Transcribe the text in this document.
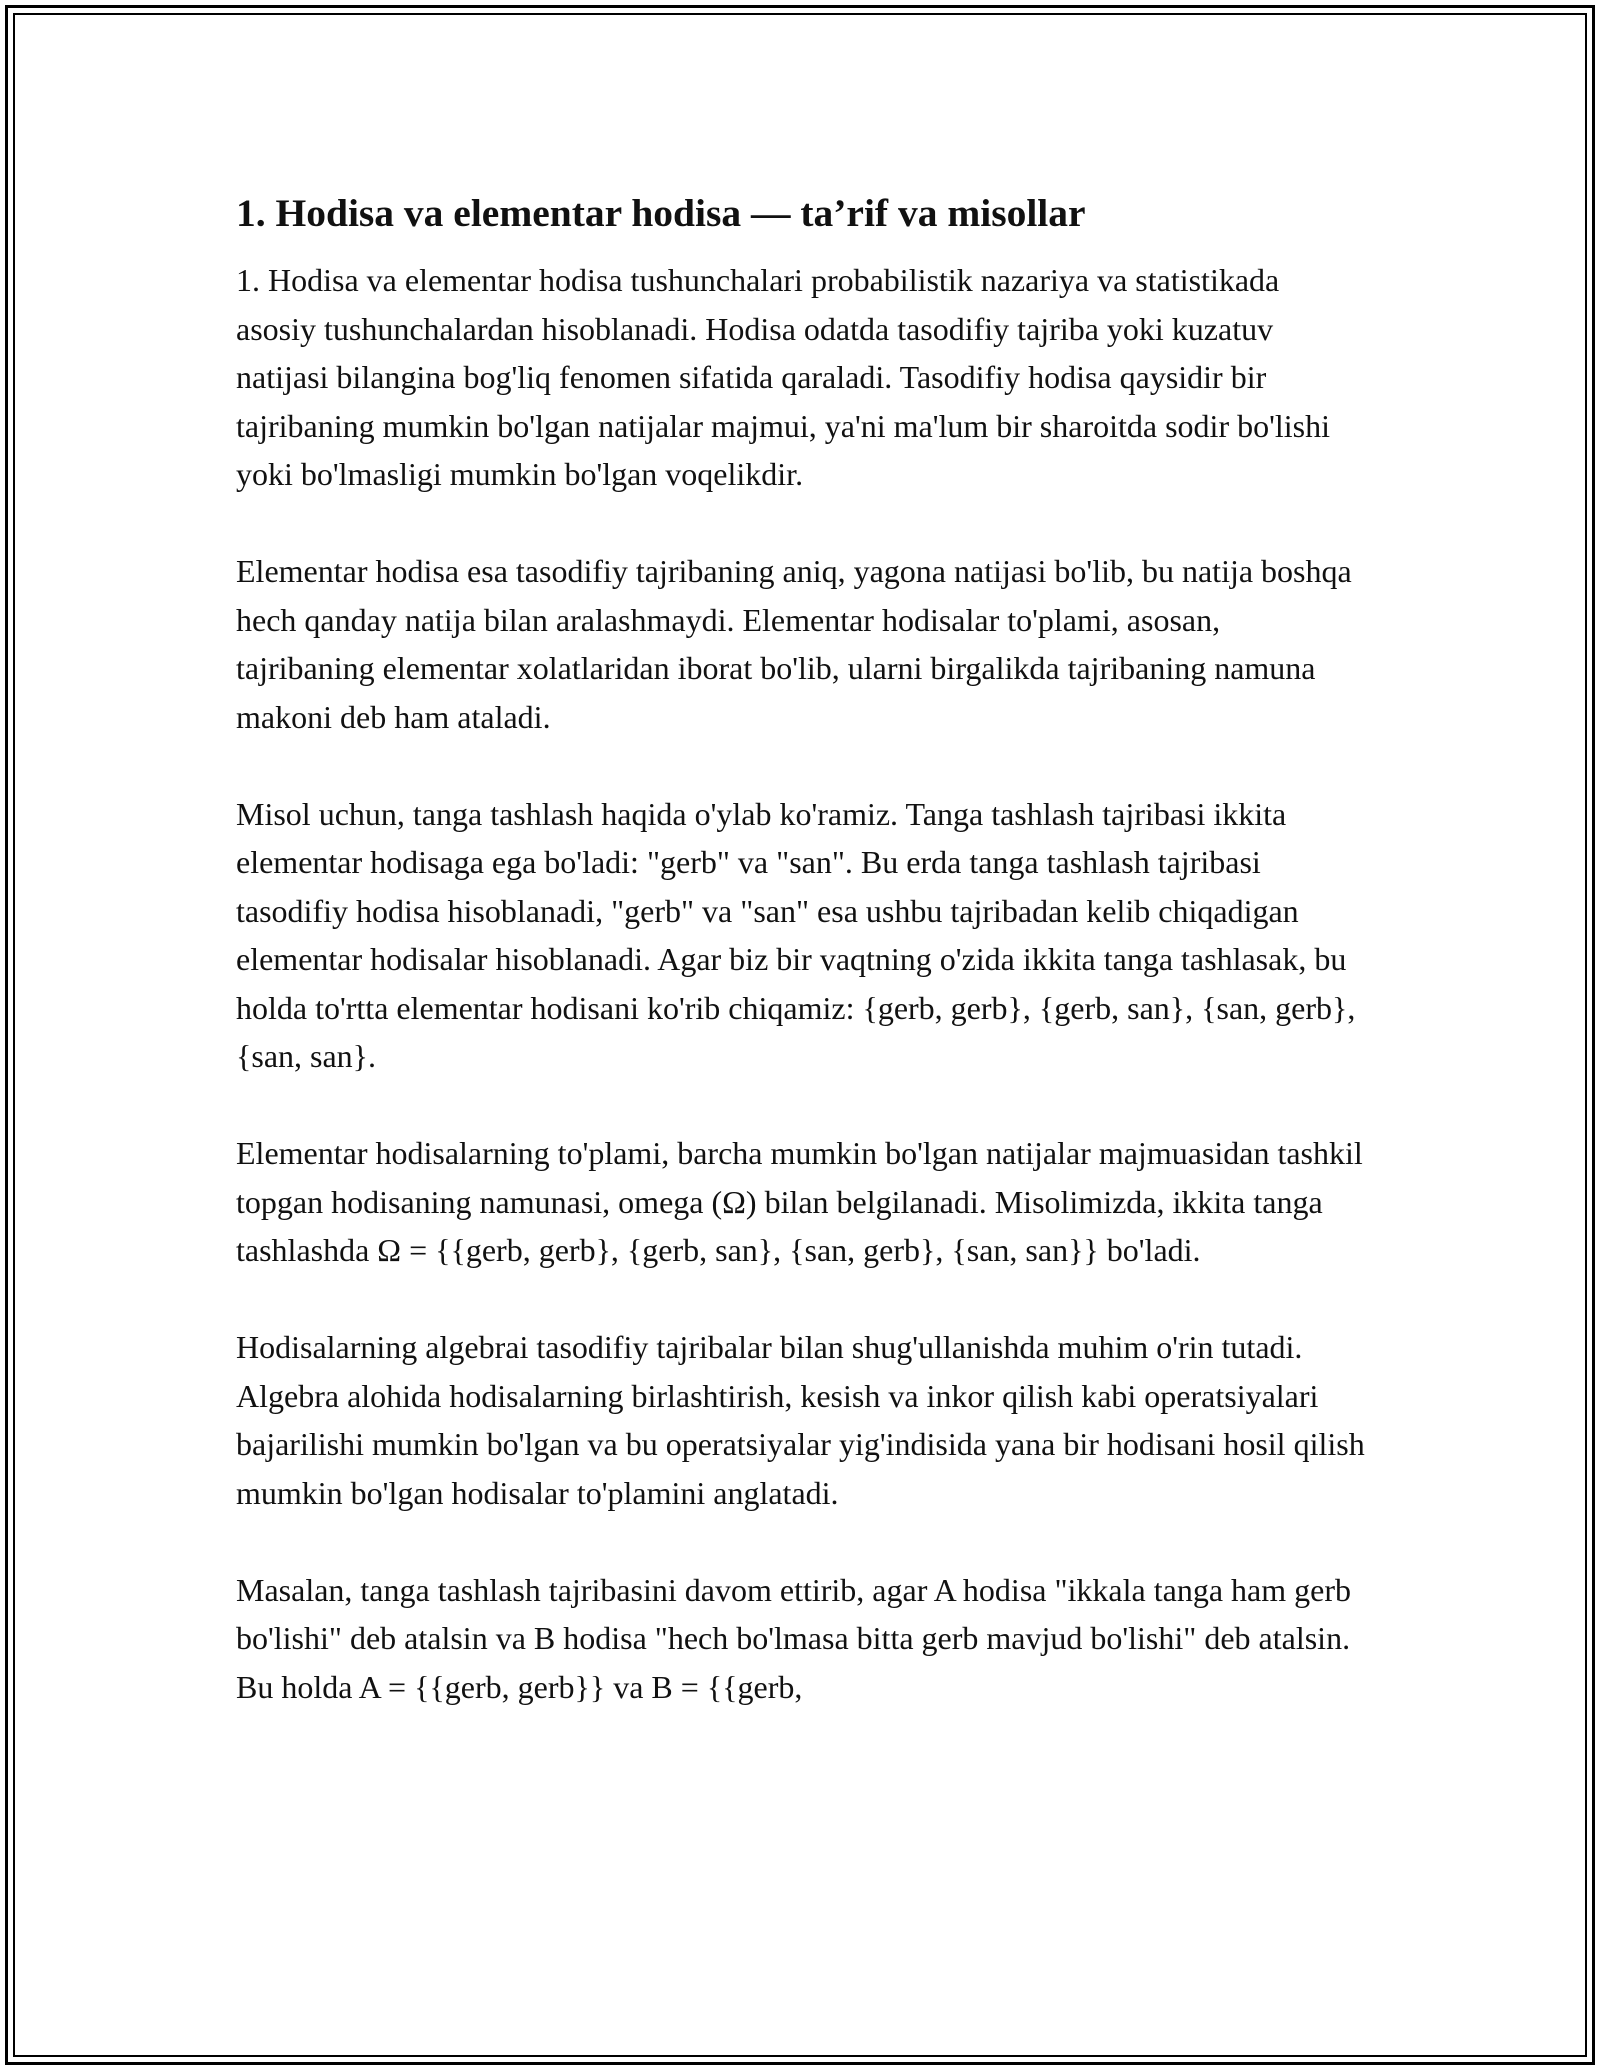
1. Hodisa va elementar hodisa — ta’rif va misollar

1. Hodisa va elementar hodisa tushunchalari probabilistik nazariya va statistikada asosiy tushunchalardan hisoblanadi. Hodisa odatda tasodifiy tajriba yoki kuzatuv natijasi bilangina bog'liq fenomen sifatida qaraladi. Tasodifiy hodisa qaysidir bir tajribaning mumkin bo'lgan natijalar majmui, ya'ni ma'lum bir sharoitda sodir bo'lishi yoki bo'lmasligi mumkin bo'lgan voqelikdir.

Elementar hodisa esa tasodifiy tajribaning aniq, yagona natijasi bo'lib, bu natija boshqa hech qanday natija bilan aralashmaydi. Elementar hodisalar to'plami, asosan, tajribaning elementar xolatlaridan iborat bo'lib, ularni birgalikda tajribaning namuna makoni deb ham ataladi.

Misol uchun, tanga tashlash haqida o'ylab ko'ramiz. Tanga tashlash tajribasi ikkita elementar hodisaga ega bo'ladi: "gerb" va "san". Bu erda tanga tashlash tajribasi tasodifiy hodisa hisoblanadi, "gerb" va "san" esa ushbu tajribadan kelib chiqadigan elementar hodisalar hisoblanadi. Agar biz bir vaqtning o'zida ikkita tanga tashlasak, bu holda to'rtta elementar hodisani ko'rib chiqamiz: {gerb, gerb}, {gerb, san}, {san, gerb}, {san, san}.

Elementar hodisalarning to'plami, barcha mumkin bo'lgan natijalar majmuasidan tashkil topgan hodisaning namunasi, omega (Ω) bilan belgilanadi. Misolimizda, ikkita tanga tashlashda Ω = {{gerb, gerb}, {gerb, san}, {san, gerb}, {san, san}} bo'ladi.

Hodisalarning algebrai tasodifiy tajribalar bilan shug'ullanishda muhim o'rin tutadi. Algebra alohida hodisalarning birlashtirish, kesish va inkor qilish kabi operatsiyalari bajarilishi mumkin bo'lgan va bu operatsiyalar yig'indisida yana bir hodisani hosil qilish mumkin bo'lgan hodisalar to'plamini anglatadi.

Masalan, tanga tashlash tajribasini davom ettirib, agar A hodisa "ikkala tanga ham gerb bo'lishi" deb atalsin va B hodisa "hech bo'lmasa bitta gerb mavjud bo'lishi" deb atalsin. Bu holda A = {{gerb, gerb}} va B = {{gerb,
